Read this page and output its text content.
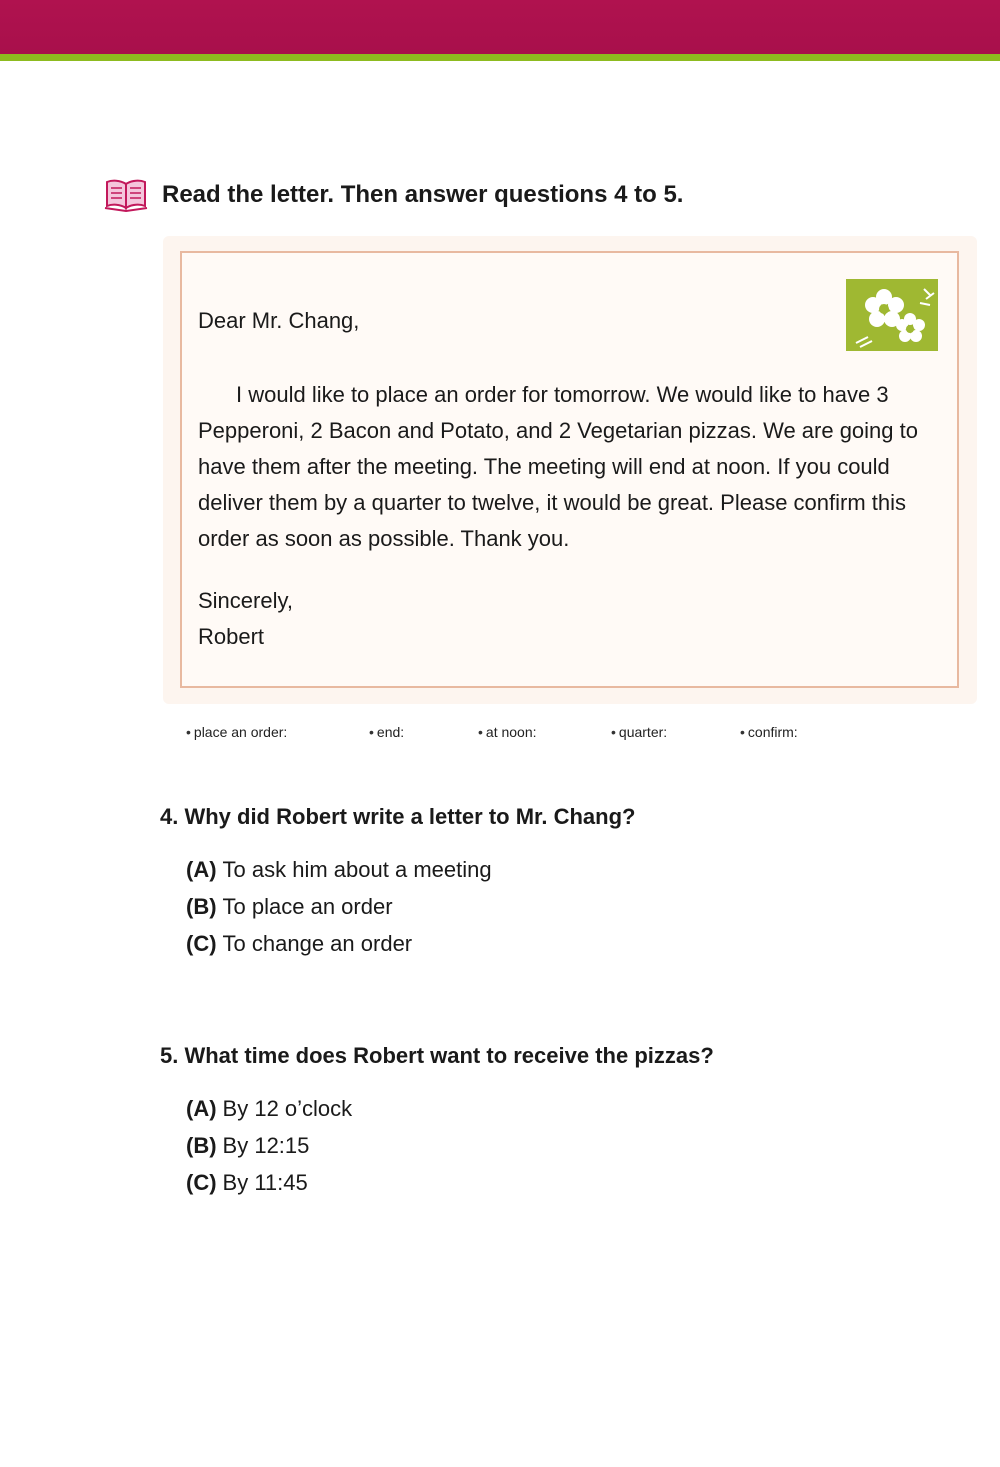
Read the letter. Then answer questions 4 to 5.
Dear Mr. Chang,
I would like to place an order for tomorrow. We would like to have 3 Pepperoni, 2 Bacon and Potato, and 2 Vegetarian pizzas. We are going to have them after the meeting. The meeting will end at noon. If you could deliver them by a quarter to twelve, it would be great. Please confirm this order as soon as possible. Thank you.
Sincerely,
Robert
• place an order:	• end:	• at noon:	• quarter:	• confirm:
4. Why did Robert write a letter to Mr. Chang?
(A) To ask him about a meeting
(B) To place an order
(C) To change an order
5. What time does Robert want to receive the pizzas?
(A) By 12 o’clock
(B) By 12:15
(C) By 11:45
